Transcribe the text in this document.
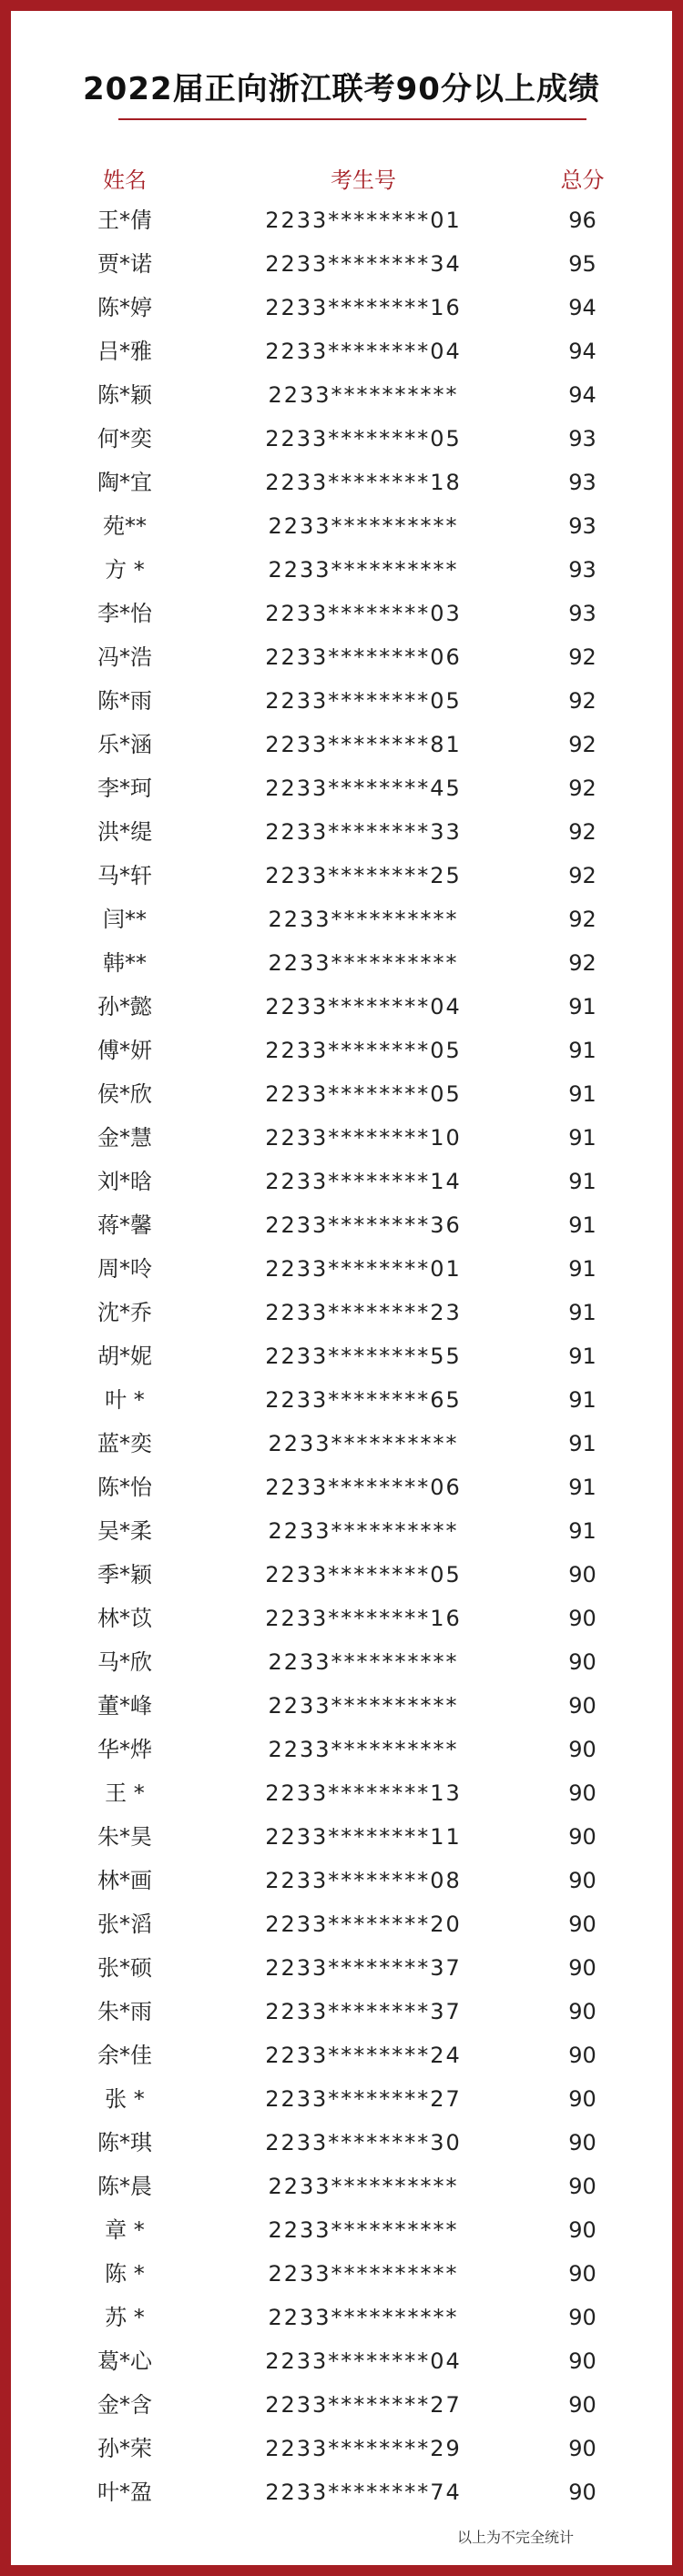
2022届正向浙江联考90分以上成绩
姓名	考生号	总分
王*倩	2233********01	96
贾*诺	2233********34	95
陈*婷	2233********16	94
吕*雅	2233********04	94
陈*颖	2233**********	94
何*奕	2233********05	93
陶*宜	2233********18	93
苑**	2233**********	93
方 *	2233**********	93
李*怡	2233********03	93
冯*浩	2233********06	92
陈*雨	2233********05	92
乐*涵	2233********81	92
李*珂	2233********45	92
洪*缇	2233********33	92
马*轩	2233********25	92
闫**	2233**********	92
韩**	2233**********	92
孙*懿	2233********04	91
傅*妍	2233********05	91
侯*欣	2233********05	91
金*慧	2233********10	91
刘*晗	2233********14	91
蒋*馨	2233********36	91
周*呤	2233********01	91
沈*乔	2233********23	91
胡*妮	2233********55	91
叶 *	2233********65	91
蓝*奕	2233**********	91
陈*怡	2233********06	91
吴*柔	2233**********	91
季*颖	2233********05	90
林*苡	2233********16	90
马*欣	2233**********	90
董*峰	2233**********	90
华*烨	2233**********	90
王 *	2233********13	90
朱*昊	2233********11	90
林*画	2233********08	90
张*滔	2233********20	90
张*硕	2233********37	90
朱*雨	2233********37	90
余*佳	2233********24	90
张 *	2233********27	90
陈*琪	2233********30	90
陈*晨	2233**********	90
章 *	2233**********	90
陈 *	2233**********	90
苏 *	2233**********	90
葛*心	2233********04	90
金*含	2233********27	90
孙*荣	2233********29	90
叶*盈	2233********74	90
以上为不完全统计
